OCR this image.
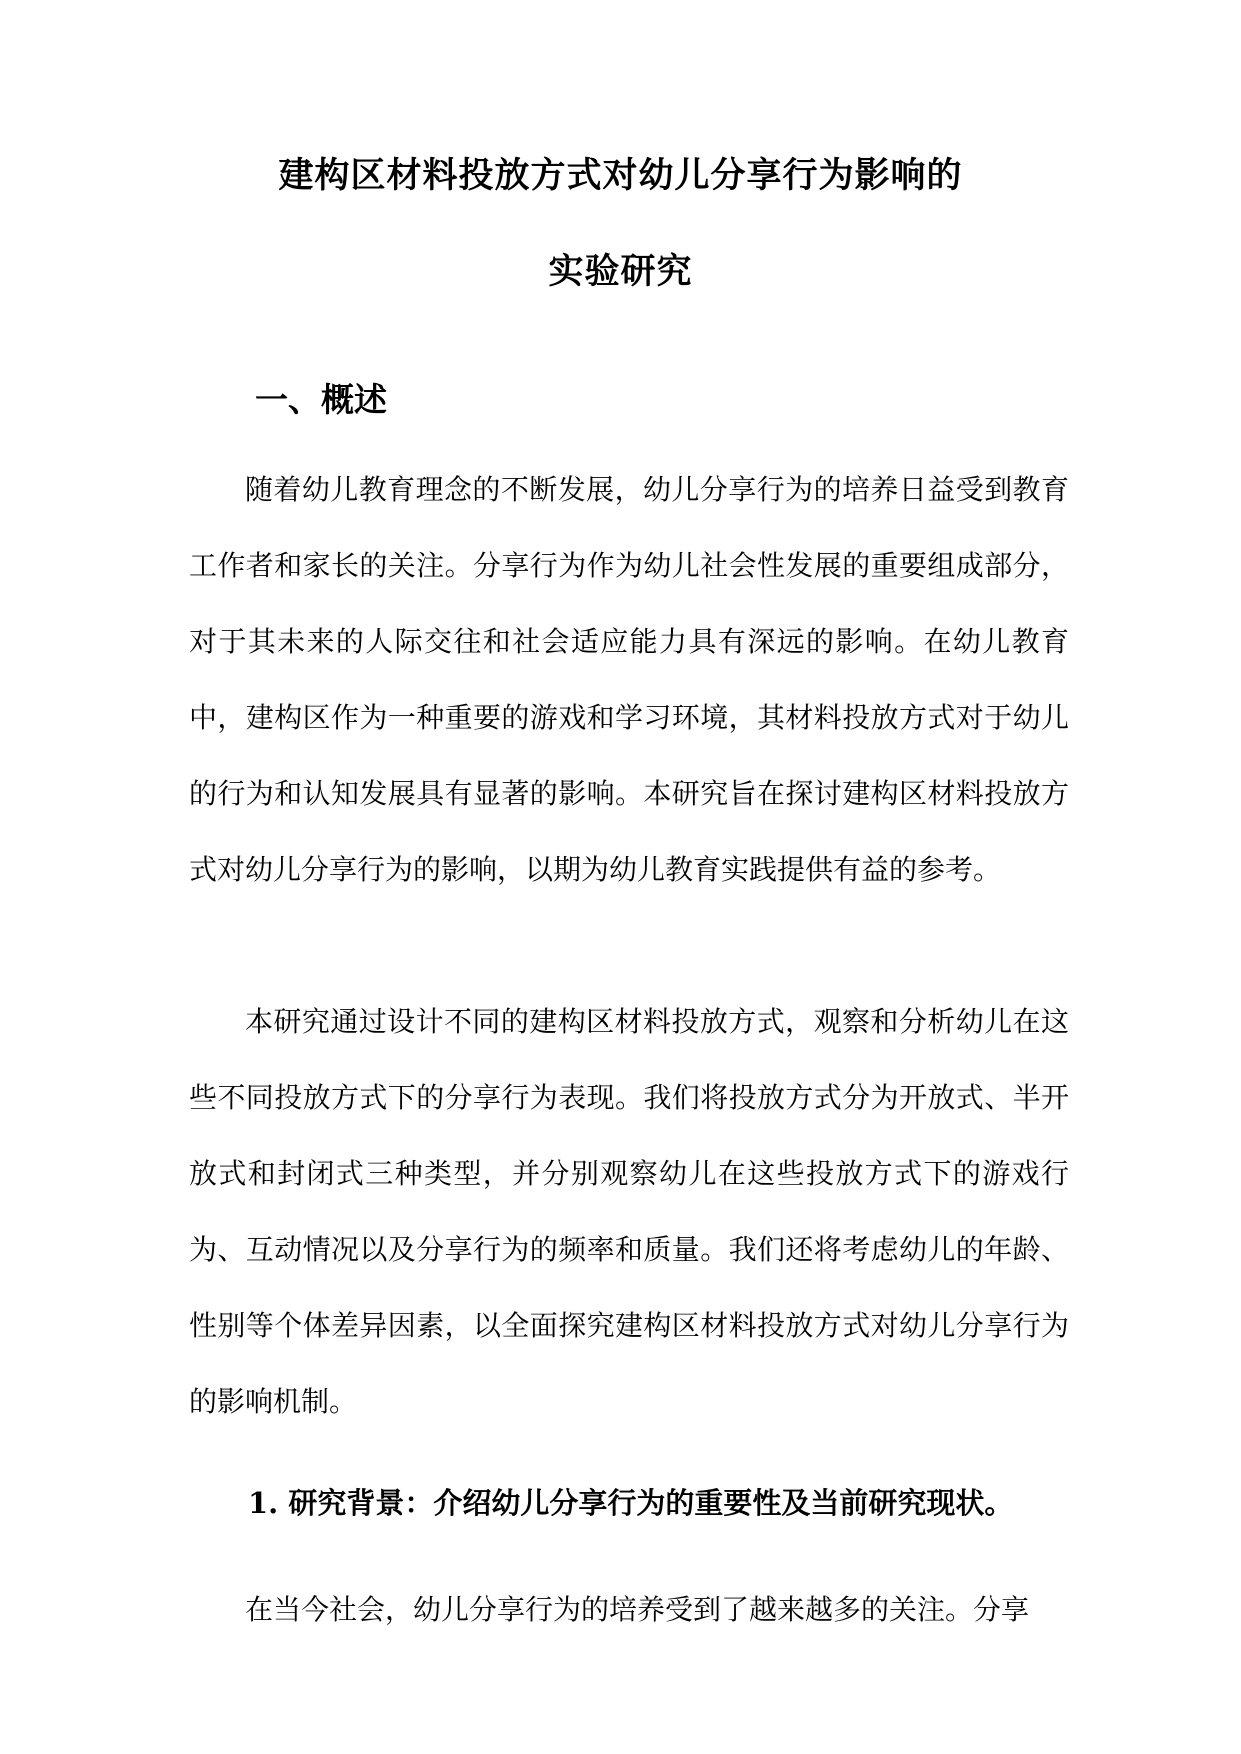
建构区材料投放方式对幼儿分享行为影响的
实验研究
一、概述

随着幼儿教育理念的不断发展，幼儿分享行为的培养日益受到教育工作者和家长的关注。分享行为作为幼儿社会性发展的重要组成部分，对于其未来的人际交往和社会适应能力具有深远的影响。在幼儿教育中，建构区作为一种重要的游戏和学习环境，其材料投放方式对于幼儿的行为和认知发展具有显著的影响。本研究旨在探讨建构区材料投放方式对幼儿分享行为的影响，以期为幼儿教育实践提供有益的参考。

本研究通过设计不同的建构区材料投放方式，观察和分析幼儿在这些不同投放方式下的分享行为表现。我们将投放方式分为开放式、半开放式和封闭式三种类型，并分别观察幼儿在这些投放方式下的游戏行为、互动情况以及分享行为的频率和质量。我们还将考虑幼儿的年龄、性别等个体差异因素，以全面探究建构区材料投放方式对幼儿分享行为的影响机制。

1. 研究背景：介绍幼儿分享行为的重要性及当前研究现状。

在当今社会，幼儿分享行为的培养受到了越来越多的关注。分享
